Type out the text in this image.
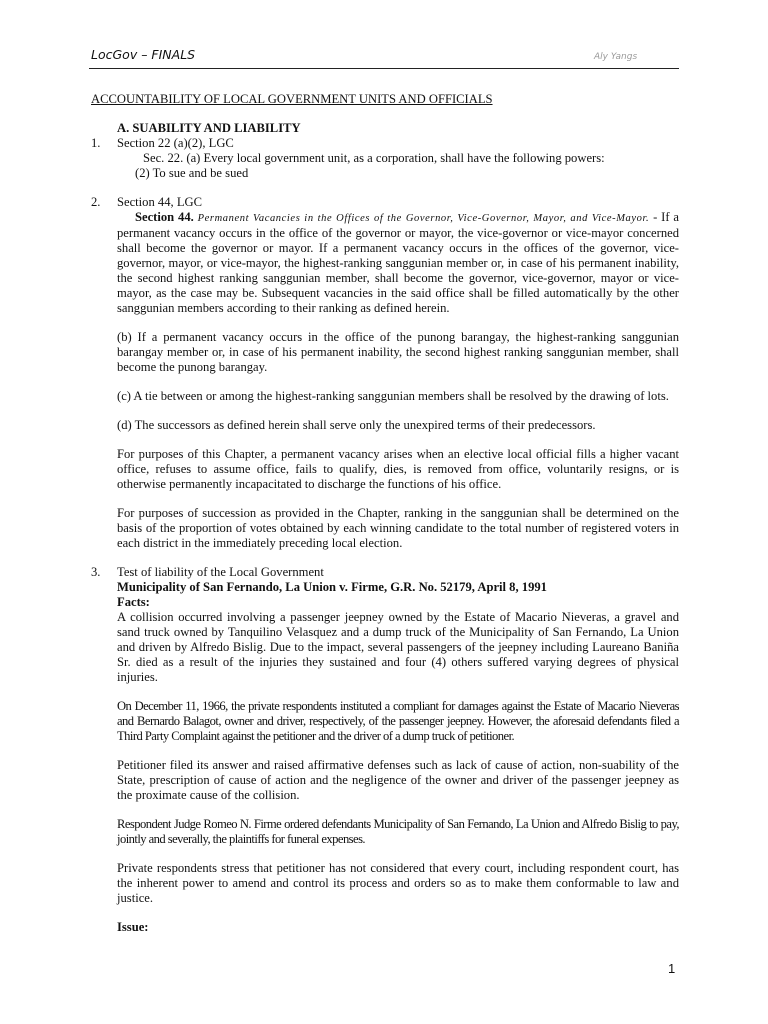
LocGov – FINALS	Aly Yangs
ACCOUNTABILITY OF LOCAL GOVERNMENT UNITS AND OFFICIALS
A. SUABILITY AND LIABILITY
1. Section 22 (a)(2), LGC
Sec. 22. (a) Every local government unit, as a corporation, shall have the following powers:
(2) To sue and be sued
2. Section 44, LGC

Section 44. Permanent Vacancies in the Offices of the Governor, Vice-Governor, Mayor, and Vice-Mayor. - If a permanent vacancy occurs in the office of the governor or mayor, the vice-governor or vice-mayor concerned shall become the governor or mayor. If a permanent vacancy occurs in the offices of the governor, vice-governor, mayor, or vice-mayor, the highest-ranking sanggunian member or, in case of his permanent inability, the second highest ranking sanggunian member, shall become the governor, vice-governor, mayor or vice-mayor, as the case may be. Subsequent vacancies in the said office shall be filled automatically by the other sanggunian members according to their ranking as defined herein.

(b) If a permanent vacancy occurs in the office of the punong barangay, the highest-ranking sanggunian barangay member or, in case of his permanent inability, the second highest ranking sanggunian member, shall become the punong barangay.

(c) A tie between or among the highest-ranking sanggunian members shall be resolved by the drawing of lots.

(d) The successors as defined herein shall serve only the unexpired terms of their predecessors.

For purposes of this Chapter, a permanent vacancy arises when an elective local official fills a higher vacant office, refuses to assume office, fails to qualify, dies, is removed from office, voluntarily resigns, or is otherwise permanently incapacitated to discharge the functions of his office.

For purposes of succession as provided in the Chapter, ranking in the sanggunian shall be determined on the basis of the proportion of votes obtained by each winning candidate to the total number of registered voters in each district in the immediately preceding local election.

3. Test of liability of the Local Government
Municipality of San Fernando, La Union v. Firme, G.R. No. 52179, April 8, 1991
Facts:

A collision occurred involving a passenger jeepney owned by the Estate of Macario Nieveras, a gravel and sand truck owned by Tanquilino Velasquez and a dump truck of the Municipality of San Fernando, La Union and driven by Alfredo Bislig. Due to the impact, several passengers of the jeepney including Laureano Baniña Sr. died as a result of the injuries they sustained and four (4) others suffered varying degrees of physical injuries.

On December 11, 1966, the private respondents instituted a compliant for damages against the Estate of Macario Nieveras and Bernardo Balagot, owner and driver, respectively, of the passenger jeepney. However, the aforesaid defendants filed a Third Party Complaint against the petitioner and the driver of a dump truck of petitioner.

Petitioner filed its answer and raised affirmative defenses such as lack of cause of action, non-suability of the State, prescription of cause of action and the negligence of the owner and driver of the passenger jeepney as the proximate cause of the collision.

Respondent Judge Romeo N. Firme ordered defendants Municipality of San Fernando, La Union and Alfredo Bislig to pay, jointly and severally, the plaintiffs for funeral expenses.

Private respondents stress that petitioner has not considered that every court, including respondent court, has the inherent power to amend and control its process and orders so as to make them conformable to law and justice.

Issue:
1
